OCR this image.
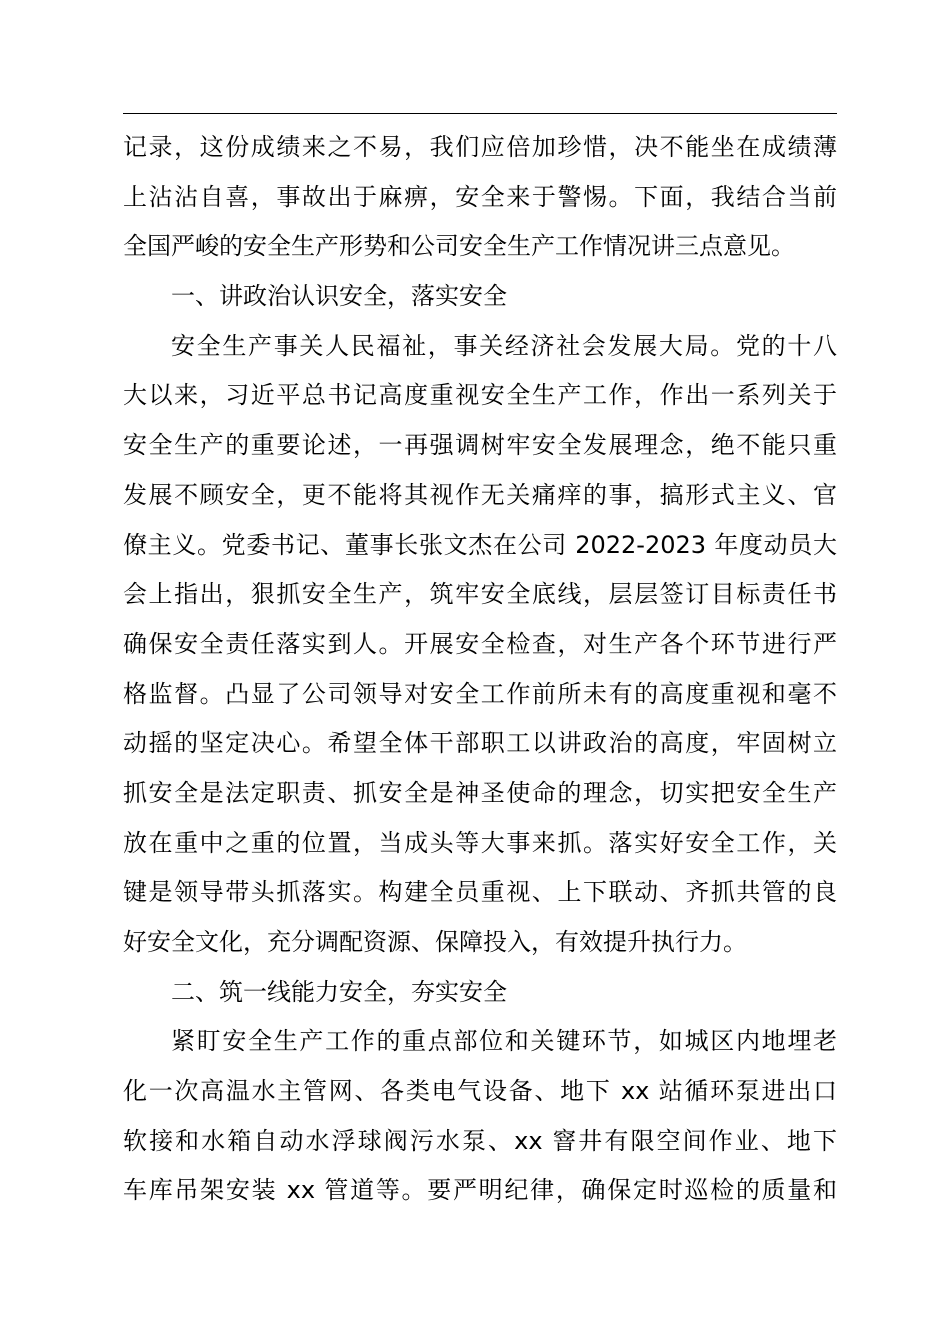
记录，这份成绩来之不易，我们应倍加珍惜，决不能坐在成绩薄
上沾沾自喜，事故出于麻痹，安全来于警惕。下面，我结合当前
全国严峻的安全生产形势和公司安全生产工作情况讲三点意见。
一、讲政治认识安全，落实安全
安全生产事关人民福祉，事关经济社会发展大局。党的十八
大以来，习近平总书记高度重视安全生产工作，作出一系列关于
安全生产的重要论述，一再强调树牢安全发展理念，绝不能只重
发展不顾安全，更不能将其视作无关痛痒的事，搞形式主义、官
僚主义。党委书记、董事长张文杰在公司 2022-2023 年度动员大
会上指出，狠抓安全生产，筑牢安全底线，层层签订目标责任书
确保安全责任落实到人。开展安全检查，对生产各个环节进行严
格监督。凸显了公司领导对安全工作前所未有的高度重视和毫不
动摇的坚定决心。希望全体干部职工以讲政治的高度，牢固树立
抓安全是法定职责、抓安全是神圣使命的理念，切实把安全生产
放在重中之重的位置，当成头等大事来抓。落实好安全工作，关
键是领导带头抓落实。构建全员重视、上下联动、齐抓共管的良
好安全文化，充分调配资源、保障投入，有效提升执行力。
二、筑一线能力安全，夯实安全
紧盯安全生产工作的重点部位和关键环节，如城区内地埋老
化一次高温水主管网、各类电气设备、地下 xx 站循环泵进出口
软接和水箱自动水浮球阀污水泵、xx 窨井有限空间作业、地下
车库吊架安装 xx 管道等。要严明纪律，确保定时巡检的质量和
